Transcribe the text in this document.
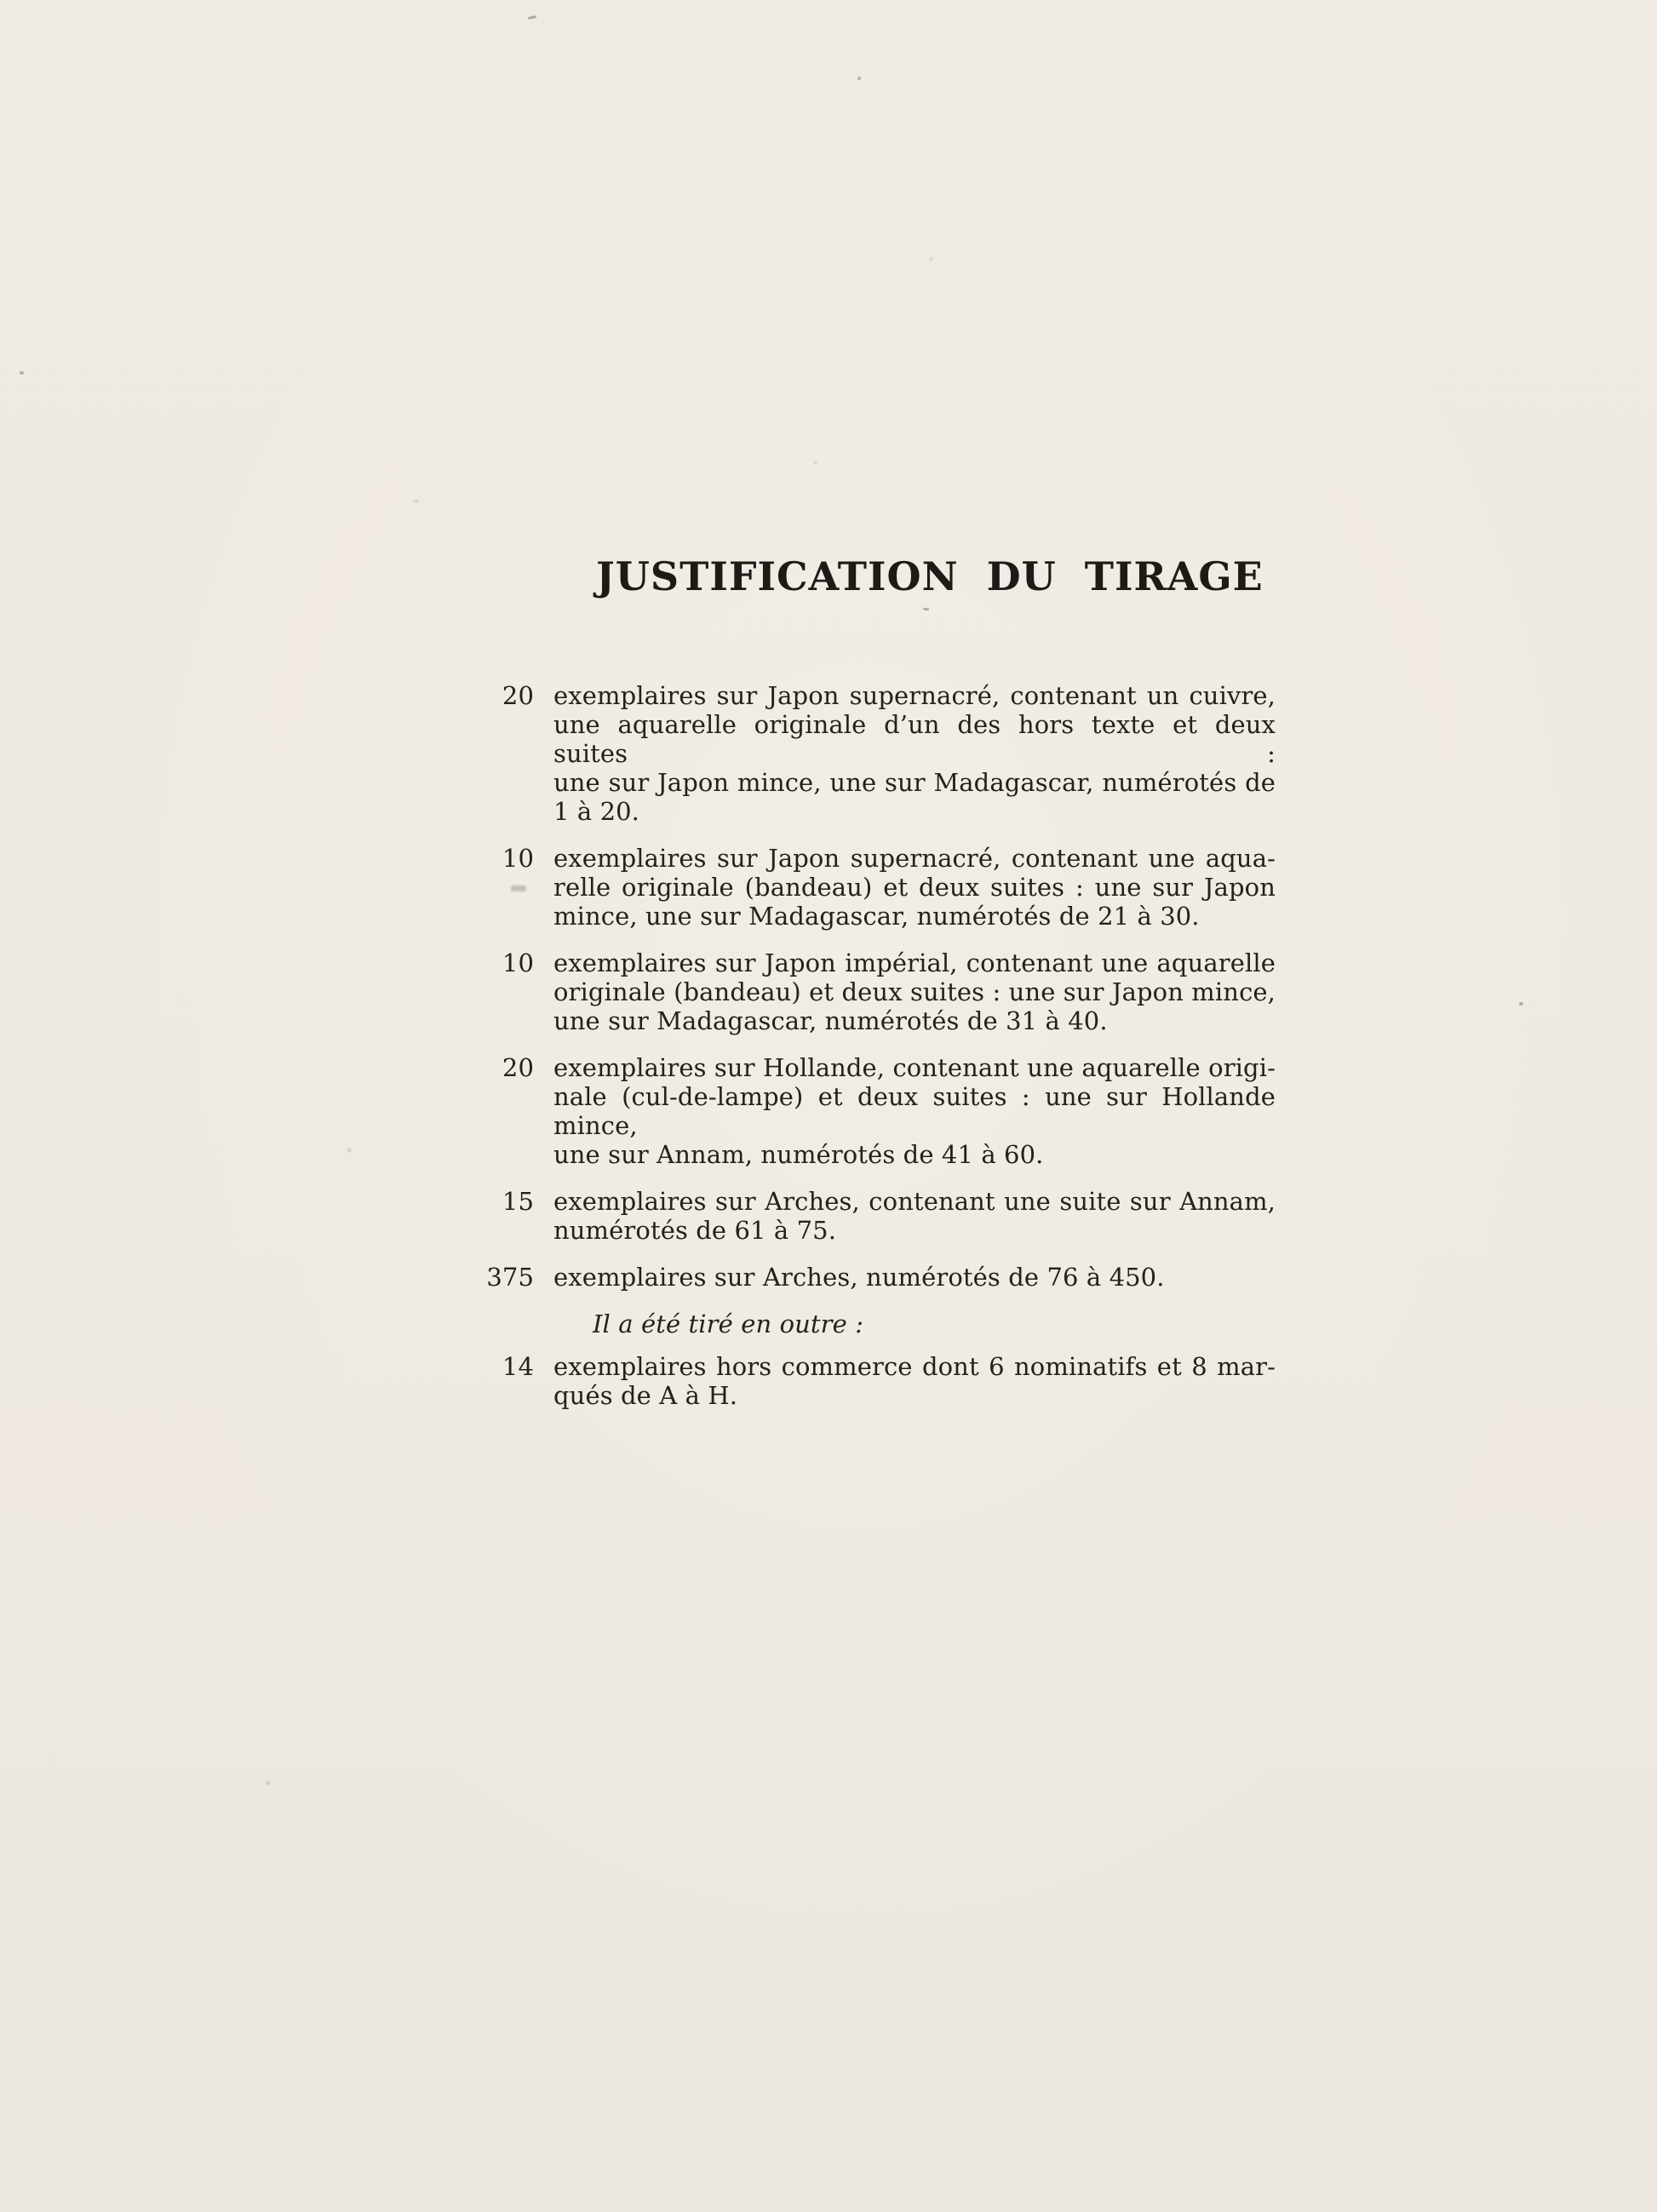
JUSTIFICATION DU TIRAGE
20 exemplaires sur Japon supernacré, contenant un cuivre,
une aquarelle originale d’un des hors texte et deux suites :
une sur Japon mince, une sur Madagascar, numérotés de
1 à 20.
10 exemplaires sur Japon supernacré, contenant une aqua-
relle originale (bandeau) et deux suites : une sur Japon
mince, une sur Madagascar, numérotés de 21 à 30.
10 exemplaires sur Japon impérial, contenant une aquarelle
originale (bandeau) et deux suites : une sur Japon mince,
une sur Madagascar, numérotés de 31 à 40.
20 exemplaires sur Hollande, contenant une aquarelle origi-
nale (cul-de-lampe) et deux suites : une sur Hollande mince,
une sur Annam, numérotés de 41 à 60.
15 exemplaires sur Arches, contenant une suite sur Annam,
numérotés de 61 à 75.
375 exemplaires sur Arches, numérotés de 76 à 450.
Il a été tiré en outre :
14 exemplaires hors commerce dont 6 nominatifs et 8 mar-
qués de A à H.
